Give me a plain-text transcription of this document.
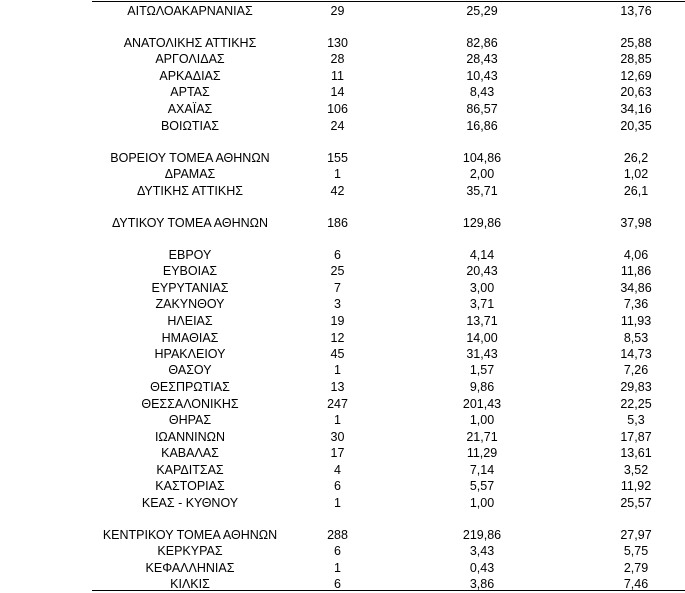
ΑΙΤΩΛΟΑΚΑΡΝΑΝΙΑΣ	29	25,29	13,76
ΑΝΑΤΟΛΙΚΗΣ ΑΤΤΙΚΗΣ	130	82,86	25,88
ΑΡΓΟΛΙΔΑΣ	28	28,43	28,85
ΑΡΚΑΔΙΑΣ	11	10,43	12,69
ΑΡΤΑΣ	14	8,43	20,63
ΑΧΑΪΑΣ	106	86,57	34,16
ΒΟΙΩΤΙΑΣ	24	16,86	20,35
ΒΟΡΕΙΟΥ ΤΟΜΕΑ ΑΘΗΝΩΝ	155	104,86	26,2
ΔΡΑΜΑΣ	1	2,00	1,02
ΔΥΤΙΚΗΣ ΑΤΤΙΚΗΣ	42	35,71	26,1
ΔΥΤΙΚΟΥ ΤΟΜΕΑ ΑΘΗΝΩΝ	186	129,86	37,98
ΕΒΡΟΥ	6	4,14	4,06
ΕΥΒΟΙΑΣ	25	20,43	11,86
ΕΥΡΥΤΑΝΙΑΣ	7	3,00	34,86
ΖΑΚΥΝΘΟΥ	3	3,71	7,36
ΗΛΕΙΑΣ	19	13,71	11,93
ΗΜΑΘΙΑΣ	12	14,00	8,53
ΗΡΑΚΛΕΙΟΥ	45	31,43	14,73
ΘΑΣΟΥ	1	1,57	7,26
ΘΕΣΠΡΩΤΙΑΣ	13	9,86	29,83
ΘΕΣΣΑΛΟΝΙΚΗΣ	247	201,43	22,25
ΘΗΡΑΣ	1	1,00	5,3
ΙΩΑΝΝΙΝΩΝ	30	21,71	17,87
ΚΑΒΑΛΑΣ	17	11,29	13,61
ΚΑΡΔΙΤΣΑΣ	4	7,14	3,52
ΚΑΣΤΟΡΙΑΣ	6	5,57	11,92
ΚΕΑΣ - ΚΥΘΝΟΥ	1	1,00	25,57
ΚΕΝΤΡΙΚΟΥ ΤΟΜΕΑ ΑΘΗΝΩΝ	288	219,86	27,97
ΚΕΡΚΥΡΑΣ	6	3,43	5,75
ΚΕΦΑΛΛΗΝΙΑΣ	1	0,43	2,79
ΚΙΛΚΙΣ	6	3,86	7,46
